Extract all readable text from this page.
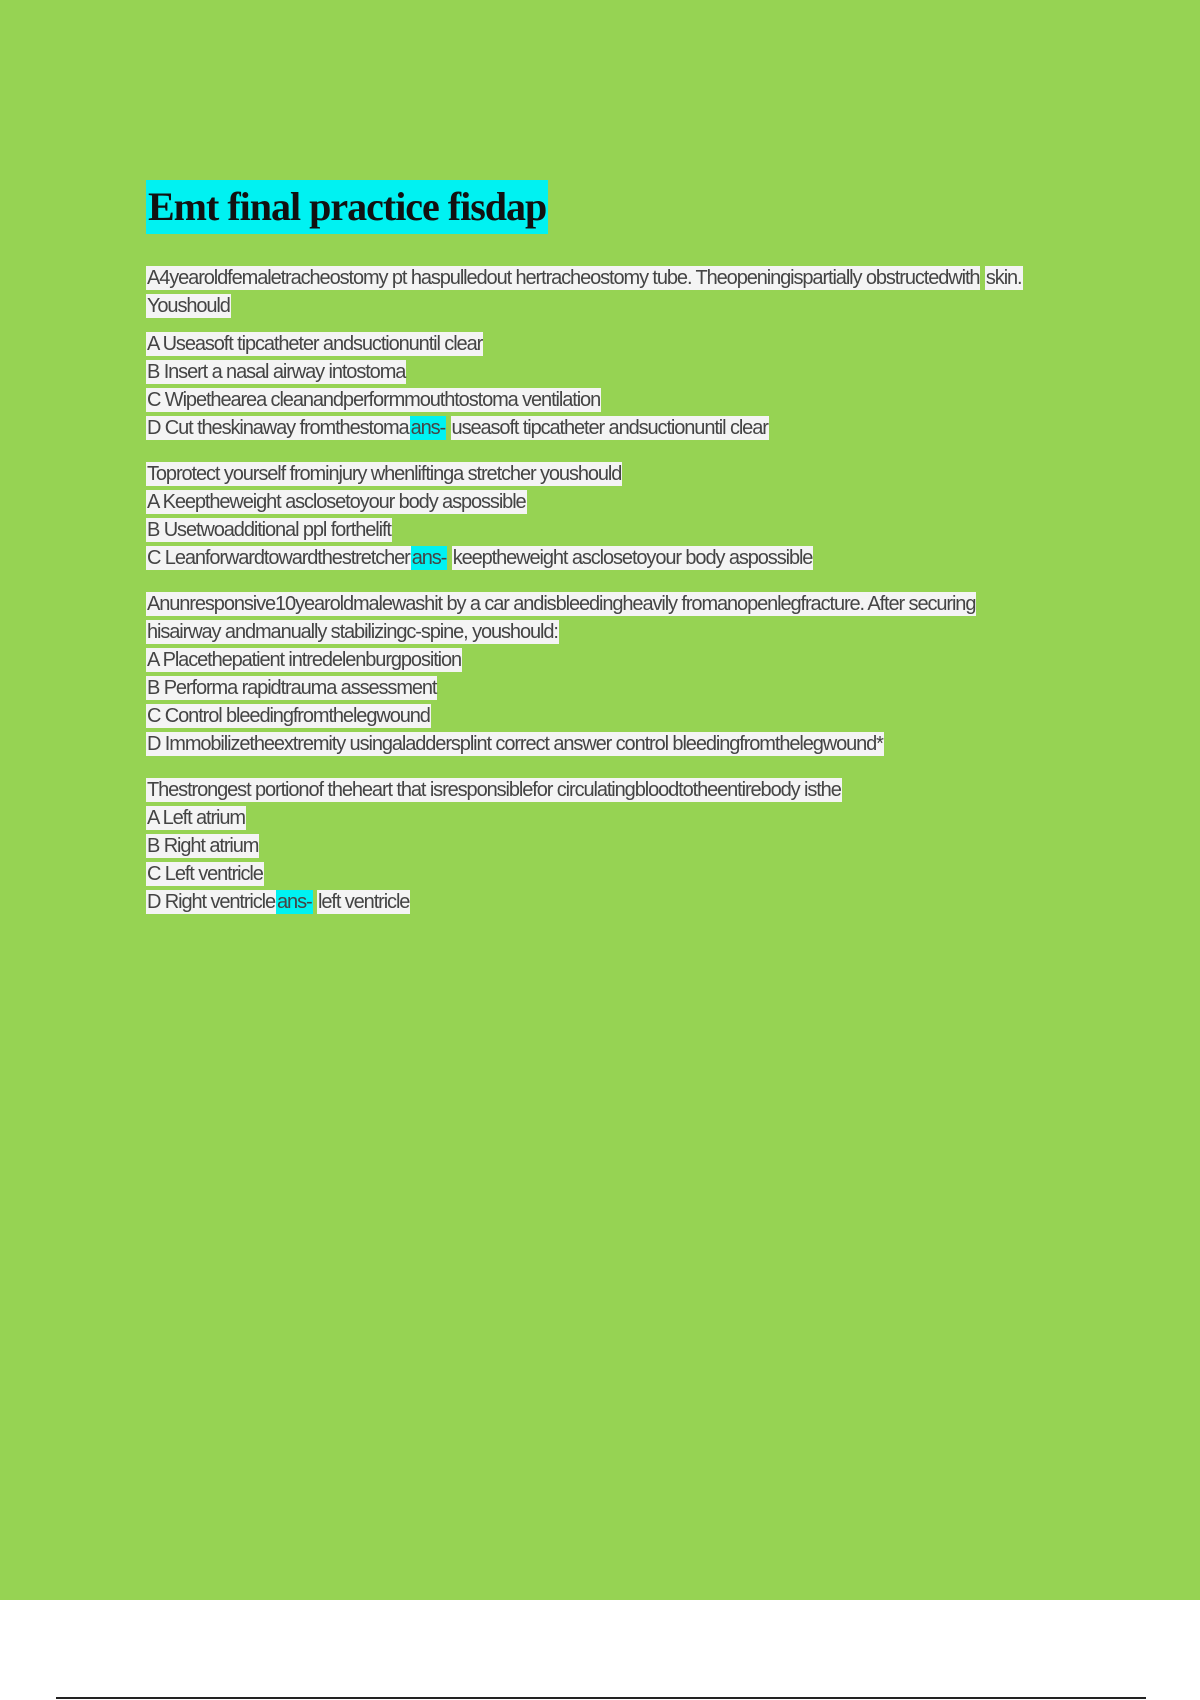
Emt final practice fisdap
A4yearoldfemaletracheostomy pt haspulledout hertracheostomy tube. Theopeningispartially obstructedwith skin.
Youshould
A Useasoft tipcatheter andsuctionuntil clear
B Insert a nasal airway intostoma
C Wipethearea cleanandperformmouthtostoma ventilation
D Cut theskinaway fromthestoma ans- useasoft tipcatheter andsuctionuntil clear
Toprotect yourself frominjury whenliftinga stretcher youshould
A Keeptheweight asclosetoyour body aspossible
B Usetwoadditional ppl forthelift
C Leanforwardtowardthestretcher ans- keeptheweight asclosetoyour body aspossible
Anunresponsive10yearoldmalewashit by a car andisbleedingheavily fromanopenlegfracture. After securing
hisairway andmanually stabilizingc-spine, youshould:
A Placethepatient intredelenburgposition
B Performa rapidtrauma assessment
C Control bleedingfromthelegwound
D Immobilizetheextremity usingaladdersplint correct answer control bleedingfromthelegwound*
Thestrongest portionof theheart that isresponsiblefor circulatingbloodtotheentirebody isthe
A Left atrium
B Right atrium
C Left ventricle
D Right ventricle ans- left ventricle
